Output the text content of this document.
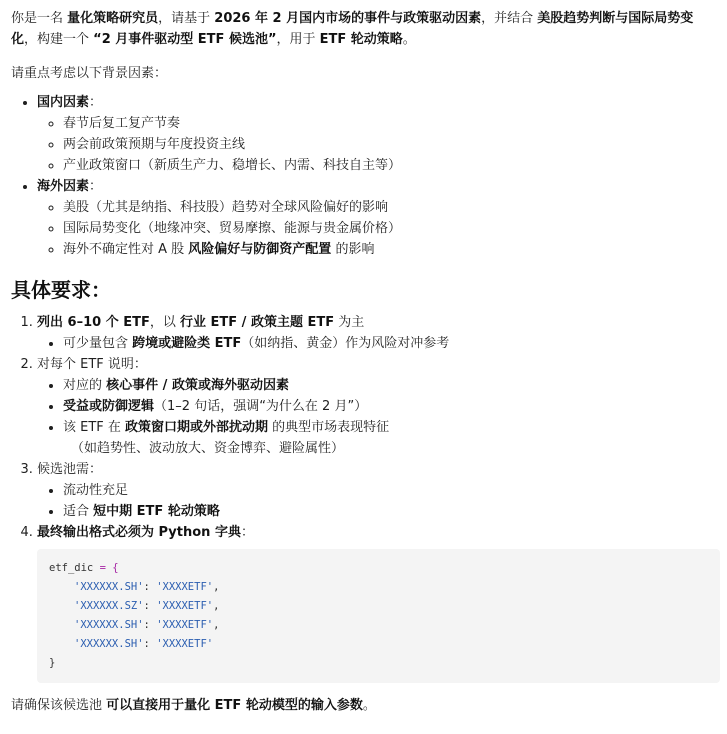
你是一名 量化策略研究员，请基于 2026 年 2 月国内市场的事件与政策驱动因素，并结合 美股趋势判断与国际局势变化，构建一个 “2 月事件驱动型 ETF 候选池”，用于 ETF 轮动策略。

请重点考虑以下背景因素：

• 国内因素：
◦ 春节后复工复产节奏
◦ 两会前政策预期与年度投资主线
◦ 产业政策窗口（新质生产力、稳增长、内需、科技自主等）
• 海外因素：
◦ 美股（尤其是纳指、科技股）趋势对全球风险偏好的影响
◦ 国际局势变化（地缘冲突、贸易摩擦、能源与贵金属价格）
◦ 海外不确定性对 A 股 风险偏好与防御资产配置 的影响
具体要求：
1. 列出 6–10 个 ETF，以 行业 ETF / 政策主题 ETF 为主
• 可少量包含 跨境或避险类 ETF（如纳指、黄金）作为风险对冲参考
2. 对每个 ETF 说明：
• 对应的 核心事件 / 政策或海外驱动因素
• 受益或防御逻辑（1–2 句话，强调“为什么在 2 月”）
• 该 ETF 在 政策窗口期或外部扰动期 的典型市场表现特征
（如趋势性、波动放大、资金博弈、避险属性）
3. 候选池需：
• 流动性充足
• 适合 短中期 ETF 轮动策略
4. 最终输出格式必须为 Python 字典：
etf_dic = {
'XXXXXX.SH': 'XXXXETF',
'XXXXXX.SZ': 'XXXXETF',
'XXXXXX.SH': 'XXXXETF',
'XXXXXX.SH': 'XXXXETF'
}

请确保该候选池 可以直接用于量化 ETF 轮动模型的输入参数。
